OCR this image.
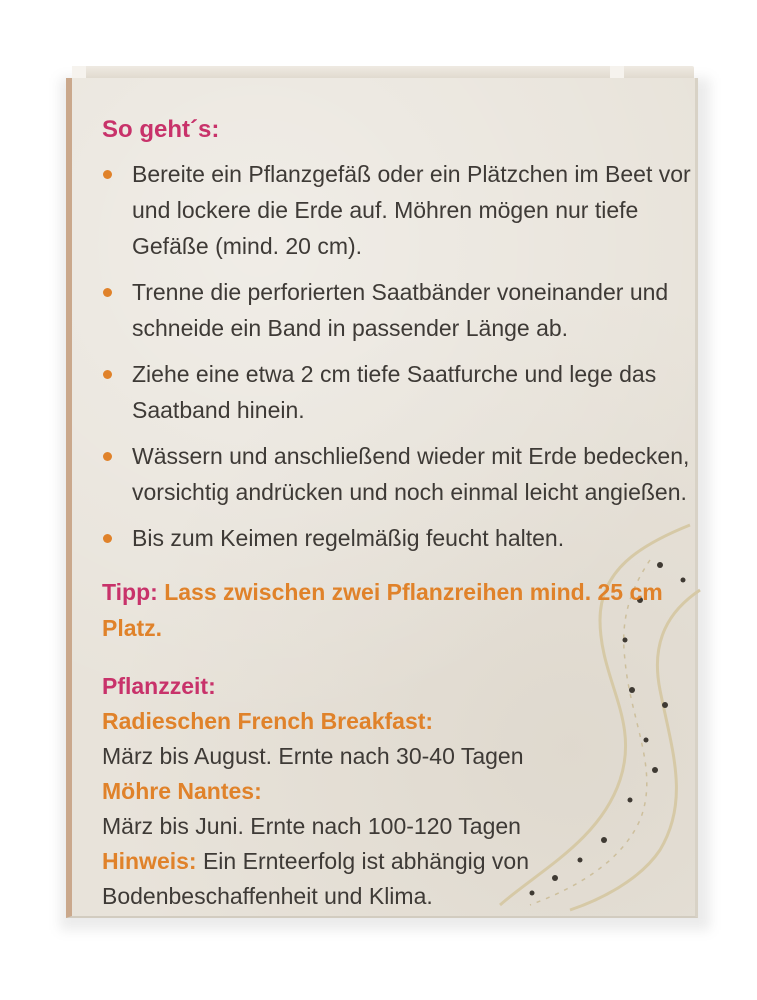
So geht´s:
Bereite ein Pflanzgefäß oder ein Plätzchen im Beet vor und lockere die Erde auf. Möhren mögen nur tiefe Gefäße (mind. 20 cm).
Trenne die perforierten Saatbänder voneinander und schneide ein Band in passender Länge ab.
Ziehe eine etwa 2 cm tiefe Saatfurche und lege das Saatband hinein.
Wässern und anschließend wieder mit Erde bedecken, vorsichtig andrücken und noch einmal leicht angießen.
Bis zum Keimen regelmäßig feucht halten.
Tipp: Lass zwischen zwei Pflanzreihen mind. 25 cm Platz.
Pflanzzeit:
Radieschen French Breakfast:
März bis August. Ernte nach 30-40 Tagen
Möhre Nantes:
März bis Juni. Ernte nach 100-120 Tagen
Hinweis: Ein Ernteerfolg ist abhängig von Bodenbeschaffenheit und Klima.
